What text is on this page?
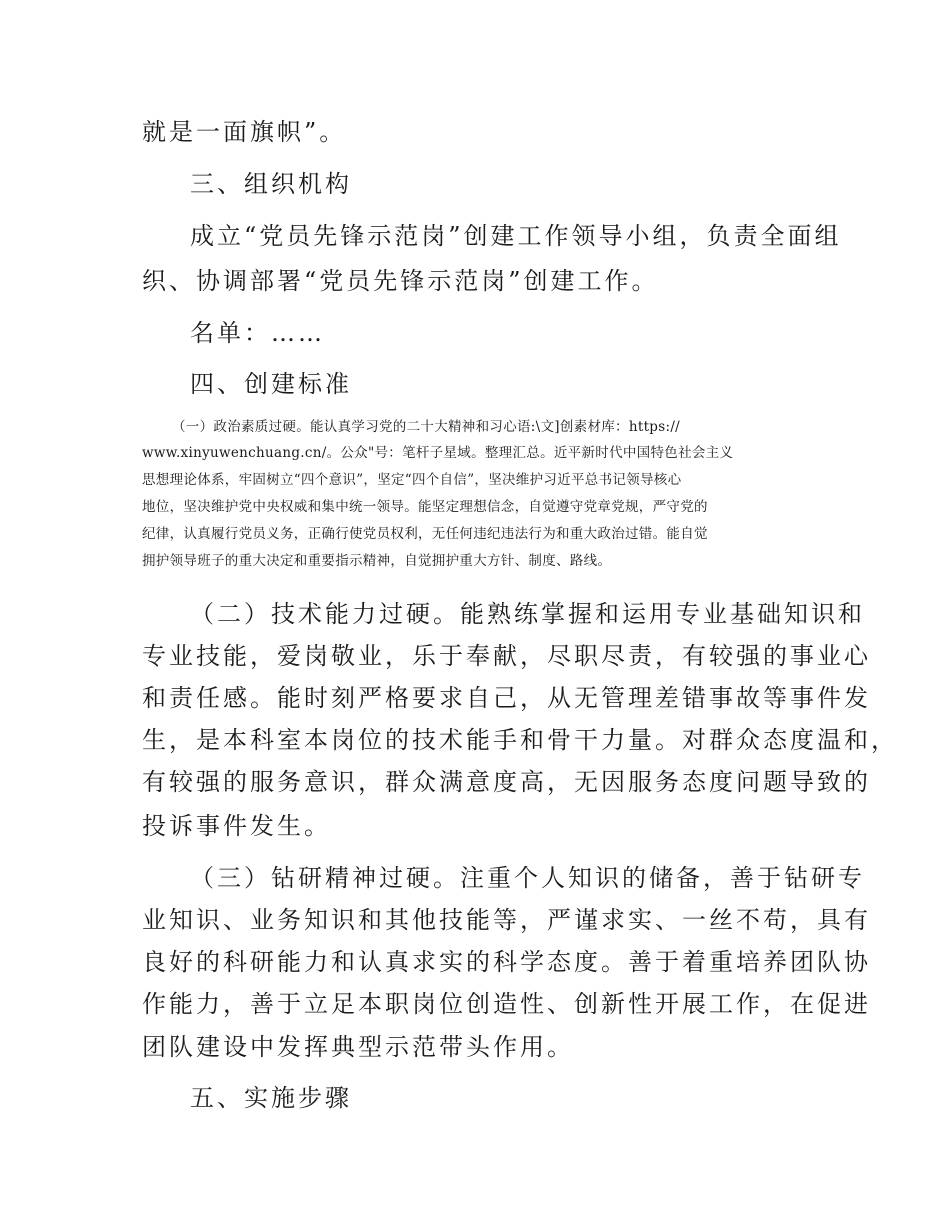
就是一面旗帜”。
三、组织机构
成立“党员先锋示范岗”创建工作领导小组，负责全面组
织、协调部署“党员先锋示范岗”创建工作。
名单：……
四、创建标准
（一）政治素质过硬。能认真学习党的二十大精神和习心语:\文]创素材库：https://
www.xinyuwenchuang.cn/。公众"号：笔杆子星域。整理汇总。近平新时代中国特色社会主义
思想理论体系，牢固树立“四个意识”，坚定“四个自信”，坚决维护习近平总书记领导核心
地位，坚决维护党中央权威和集中统一领导。能坚定理想信念，自觉遵守党章党规，严守党的
纪律，认真履行党员义务，正确行使党员权利，无任何违纪违法行为和重大政治过错。能自觉
拥护领导班子的重大决定和重要指示精神，自觉拥护重大方针、制度、路线。
（二）技术能力过硬。能熟练掌握和运用专业基础知识和
专业技能，爱岗敬业，乐于奉献，尽职尽责，有较强的事业心
和责任感。能时刻严格要求自己，从无管理差错事故等事件发
生，是本科室本岗位的技术能手和骨干力量。对群众态度温和，
有较强的服务意识，群众满意度高，无因服务态度问题导致的
投诉事件发生。
（三）钻研精神过硬。注重个人知识的储备，善于钻研专
业知识、业务知识和其他技能等，严谨求实、一丝不苟，具有
良好的科研能力和认真求实的科学态度。善于着重培养团队协
作能力，善于立足本职岗位创造性、创新性开展工作，在促进
团队建设中发挥典型示范带头作用。
五、实施步骤
